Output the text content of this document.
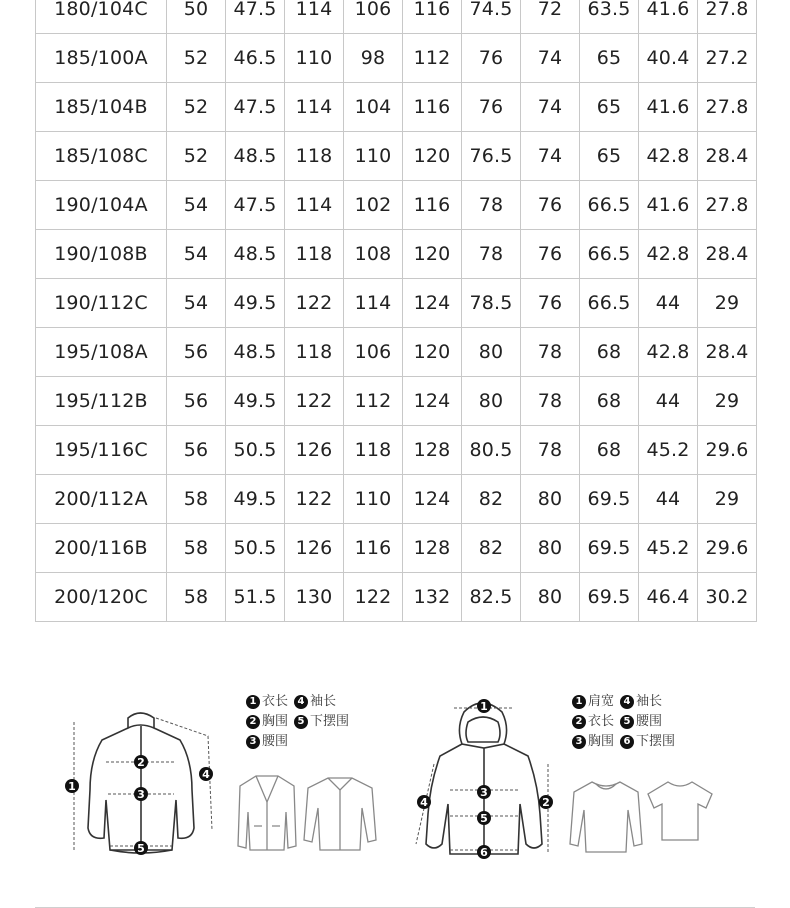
180/104C	50	47.5	114	106	116	74.5	72	63.5	41.6	27.8
185/100A	52	46.5	110	98	112	76	74	65	40.4	27.2
185/104B	52	47.5	114	104	116	76	74	65	41.6	27.8
185/108C	52	48.5	118	110	120	76.5	74	65	42.8	28.4
190/104A	54	47.5	114	102	116	78	76	66.5	41.6	27.8
190/108B	54	48.5	118	108	120	78	76	66.5	42.8	28.4
190/112C	54	49.5	122	114	124	78.5	76	66.5	44	29
195/108A	56	48.5	118	106	120	80	78	68	42.8	28.4
195/112B	56	49.5	122	112	124	80	78	68	44	29
195/116C	56	50.5	126	118	128	80.5	78	68	45.2	29.6
200/112A	58	49.5	122	110	124	82	80	69.5	44	29
200/116B	58	50.5	126	116	128	82	80	69.5	45.2	29.6
200/120C	58	51.5	130	122	132	82.5	80	69.5	46.4	30.2
1
2
3
4
5
1 衣长 4 袖长
2 胸围 5 下摆围
3 腰围
1
2
3
4
5
6
1 肩宽 4 袖长
2 衣长 5 腰围
3 胸围 6 下摆围
